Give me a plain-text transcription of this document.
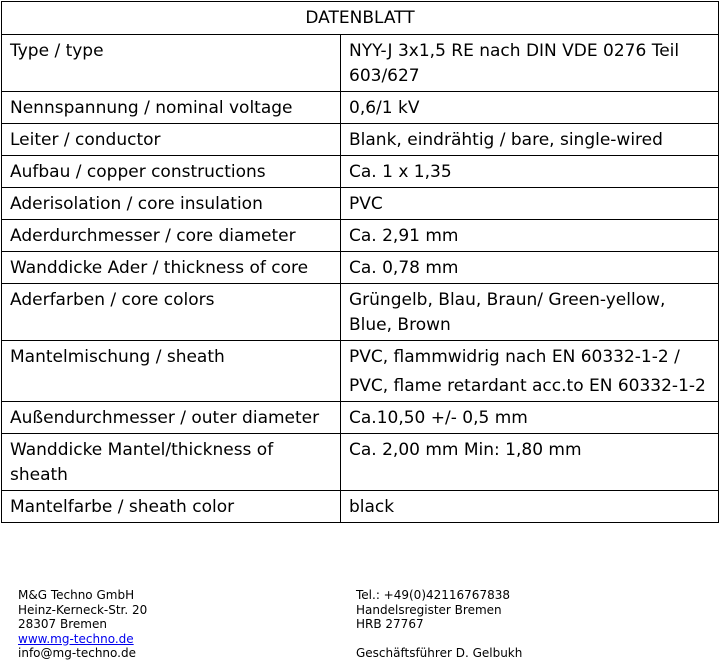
DATENBLATT	
Type / type	NYY-J 3x1,5 RE nach DIN VDE 0276 Teil 603/627

Nennspannung / nominal voltage	0,6/1 kV

Leiter / conductor	Blank, eindrähtig / bare, single-wired

Aufbau / copper constructions	Ca. 1 x 1,35

Aderisolation / core insulation	PVC

Aderdurchmesser / core diameter	Ca. 2,91 mm

Wanddicke Ader / thickness of core	Ca. 0,78 mm

Aderfarben / core colors	Grüngelb, Blau, Braun/ Green-yellow, Blue, Brown

Mantelmischung / sheath	PVC, flammwidrig nach EN 60332-1-2 /
PVC, flame retardant acc.to EN 60332-1-2

Außendurchmesser / outer diameter	Ca.10,50 +/- 0,5 mm

Wanddicke Mantel/thickness of sheath	Ca. 2,00 mm Min: 1,80 mm

Mantelfarbe / sheath color	black
M&G Techno GmbH
Heinz-Kerneck-Str. 20
28307 Bremen
www.mg-techno.de
info@mg-techno.de
Tel.: +49(0)42116767838
Handelsregister Bremen
HRB 27767
Geschäftsführer D. Gelbukh
